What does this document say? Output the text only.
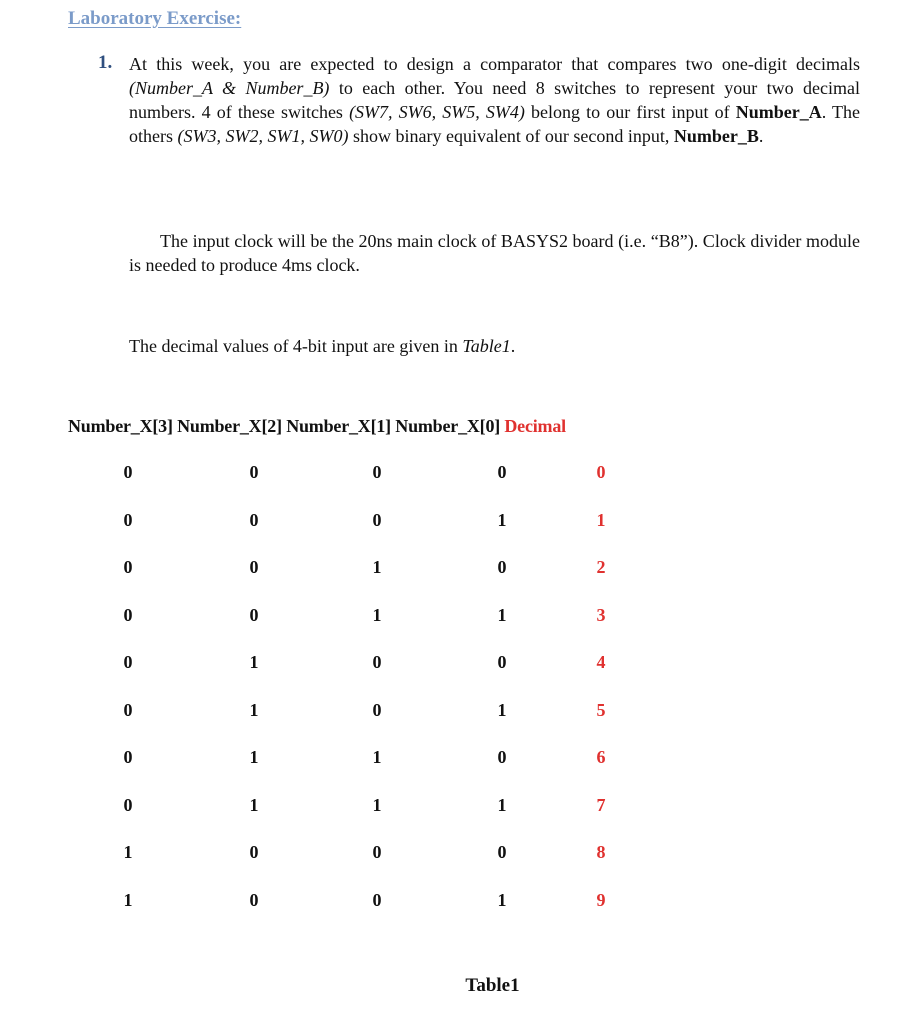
Laboratory Exercise:
1. At this week, you are expected to design a comparator that compares two one-digit decimals (Number_A & Number_B) to each other. You need 8 switches to represent your two decimal numbers. 4 of these switches (SW7, SW6, SW5, SW4) belong to our first input of Number_A. The others (SW3, SW2, SW1, SW0) show binary equivalent of our second input, Number_B.

The input clock will be the 20ns main clock of BASYS2 board (i.e. “B8”). Clock divider module is needed to produce 4ms clock.

The decimal values of 4-bit input are given in Table1.

Number_X[3] Number_X[2] Number_X[1] Number_X[0] Decimal
0	0	0	0	0
0	0	0	1	1
0	0	1	0	2
0	0	1	1	3
0	1	0	0	4
0	1	0	1	5
0	1	1	0	6
0	1	1	1	7
1	0	0	0	8
1	0	0	1	9
Table1
